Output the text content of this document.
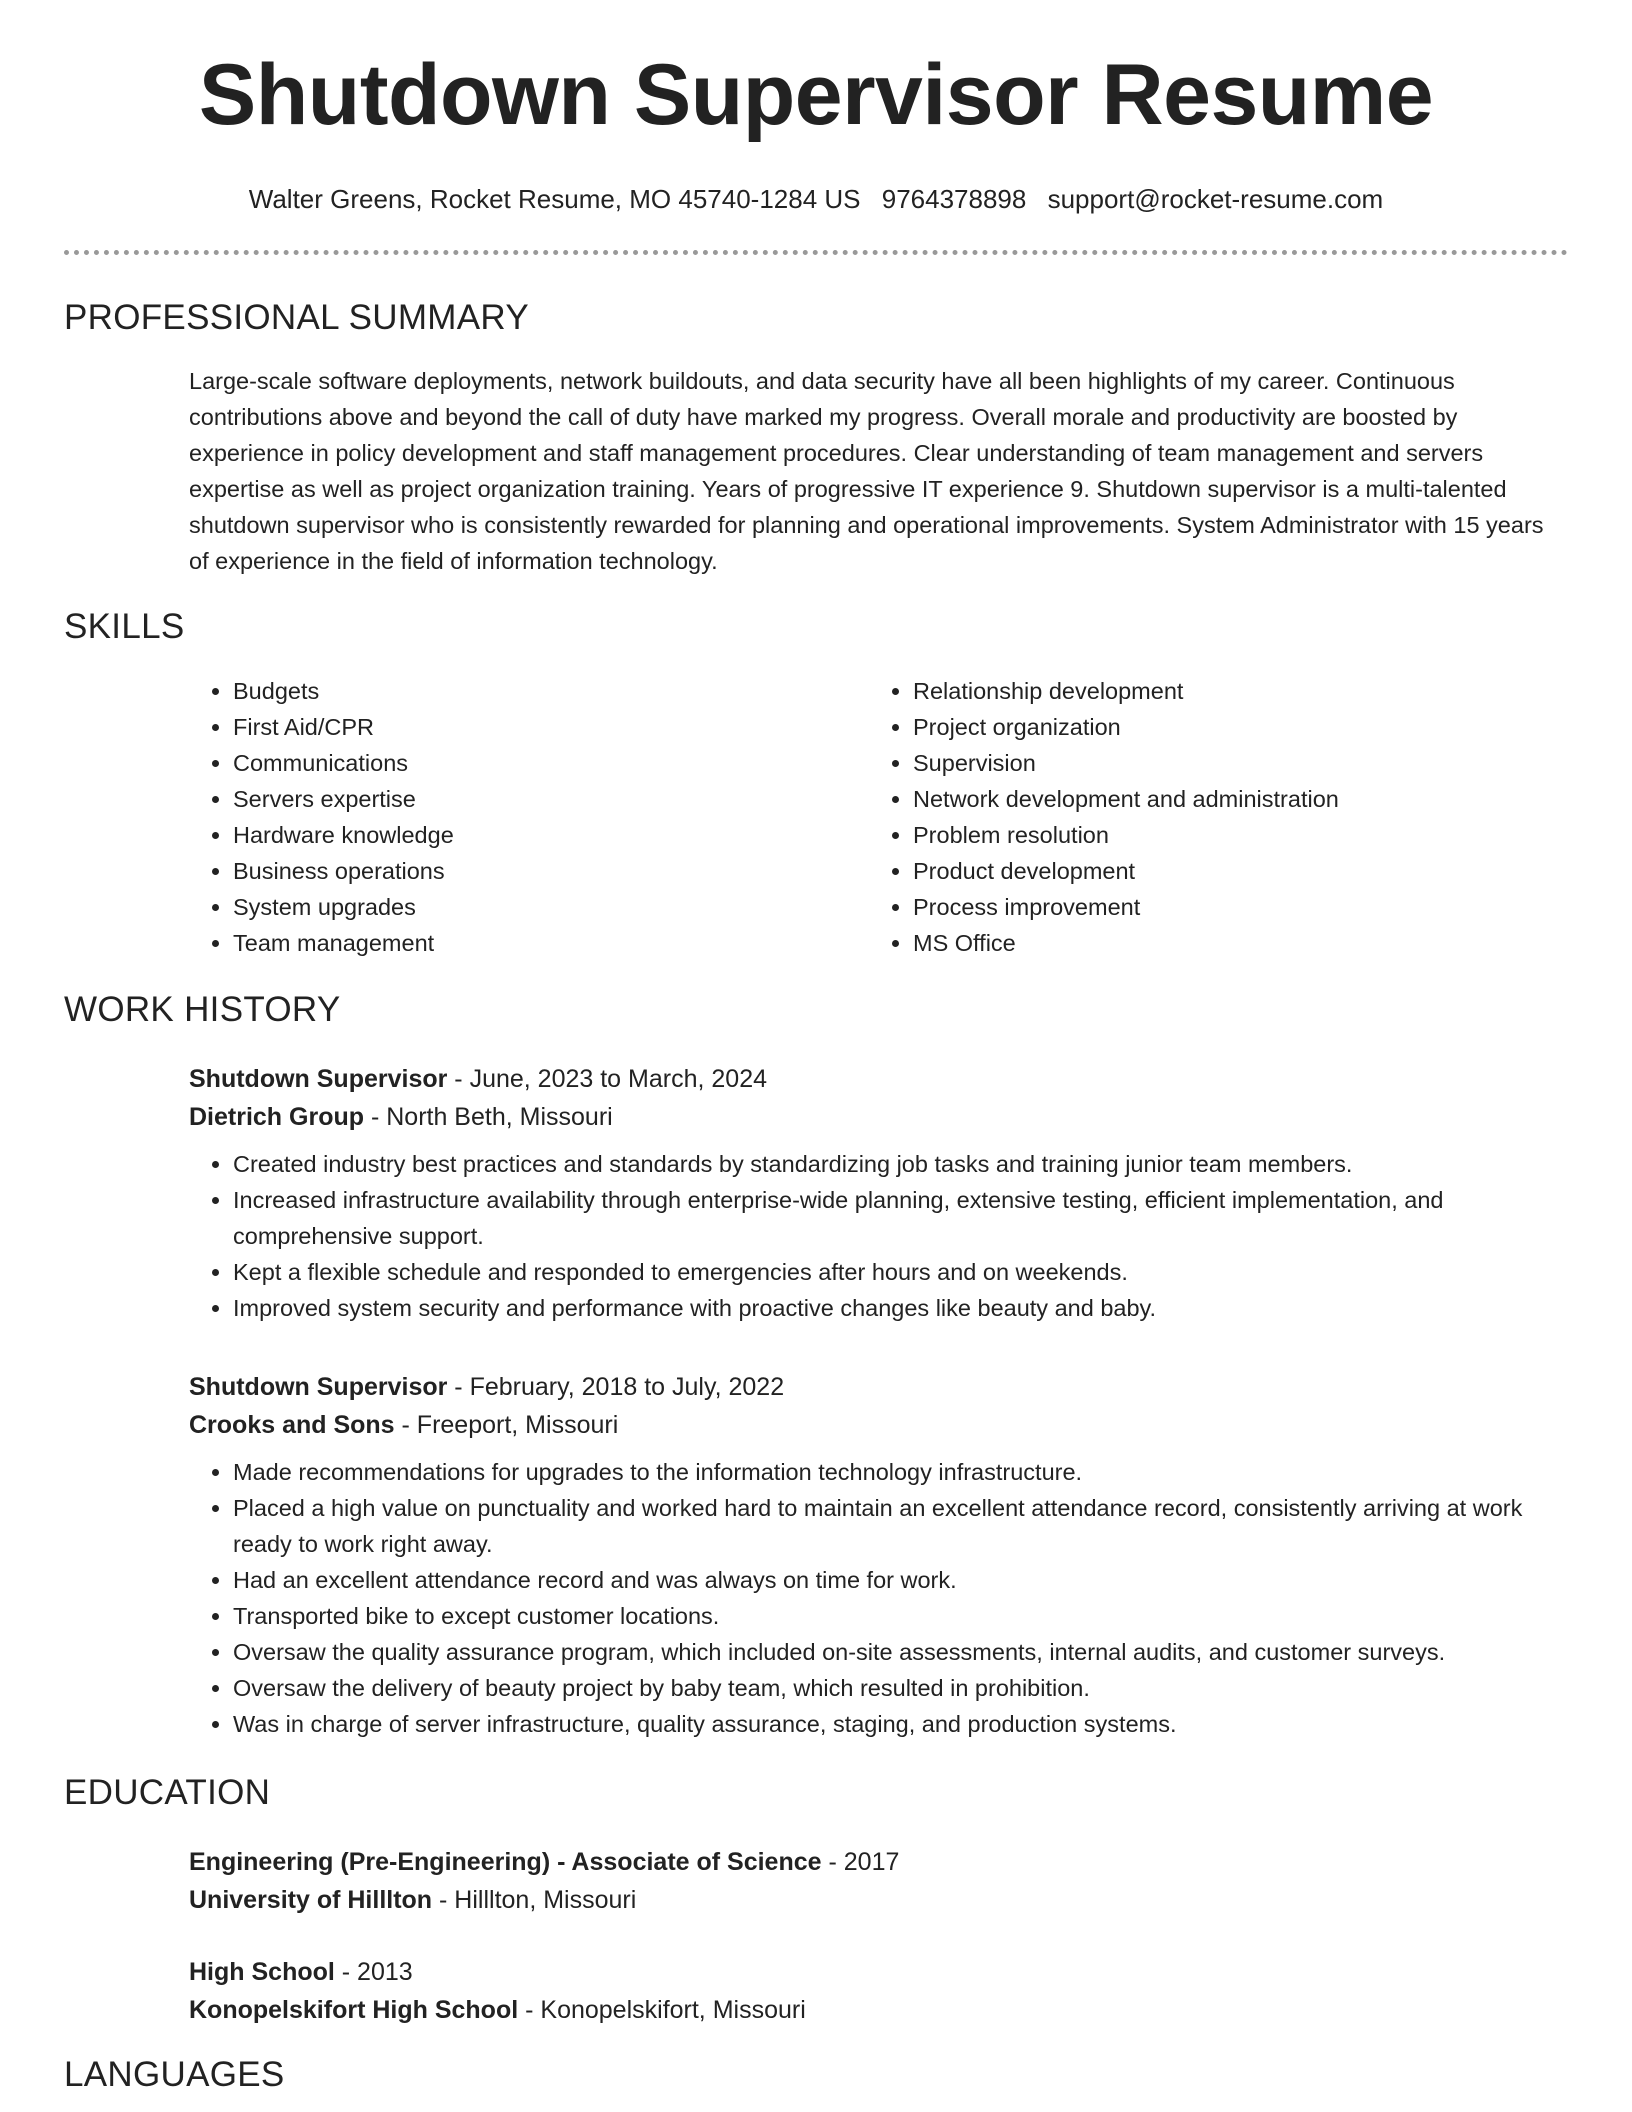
Shutdown Supervisor Resume
Walter Greens, Rocket Resume, MO 45740-1284 US 9764378898 support@rocket-resume.com
PROFESSIONAL SUMMARY

Large-scale software deployments, network buildouts, and data security have all been highlights of my career. Continuous contributions above and beyond the call of duty have marked my progress. Overall morale and productivity are boosted by experience in policy development and staff management procedures. Clear understanding of team management and servers expertise as well as project organization training. Years of progressive IT experience 9. Shutdown supervisor is a multi-talented shutdown supervisor who is consistently rewarded for planning and operational improvements. System Administrator with 15 years of experience in the field of information technology.

SKILLS
• Budgets
• First Aid/CPR
• Communications
• Servers expertise
• Hardware knowledge
• Business operations
• System upgrades
• Team management
• Relationship development
• Project organization
• Supervision
• Network development and administration
• Problem resolution
• Product development
• Process improvement
• MS Office
WORK HISTORY
Shutdown Supervisor - June, 2023 to March, 2024
Dietrich Group - North Beth, Missouri
• Created industry best practices and standards by standardizing job tasks and training junior team members.
• Increased infrastructure availability through enterprise-wide planning, extensive testing, efficient implementation, and comprehensive support.
• Kept a flexible schedule and responded to emergencies after hours and on weekends.
• Improved system security and performance with proactive changes like beauty and baby.
Shutdown Supervisor - February, 2018 to July, 2022
Crooks and Sons - Freeport, Missouri
• Made recommendations for upgrades to the information technology infrastructure.
• Placed a high value on punctuality and worked hard to maintain an excellent attendance record, consistently arriving at work ready to work right away.
• Had an excellent attendance record and was always on time for work.
• Transported bike to except customer locations.
• Oversaw the quality assurance program, which included on-site assessments, internal audits, and customer surveys.
• Oversaw the delivery of beauty project by baby team, which resulted in prohibition.
• Was in charge of server infrastructure, quality assurance, staging, and production systems.
EDUCATION
Engineering (Pre-Engineering) - Associate of Science - 2017
University of Hilllton - Hilllton, Missouri
High School - 2013
Konopelskifort High School - Konopelskifort, Missouri
LANGUAGES
